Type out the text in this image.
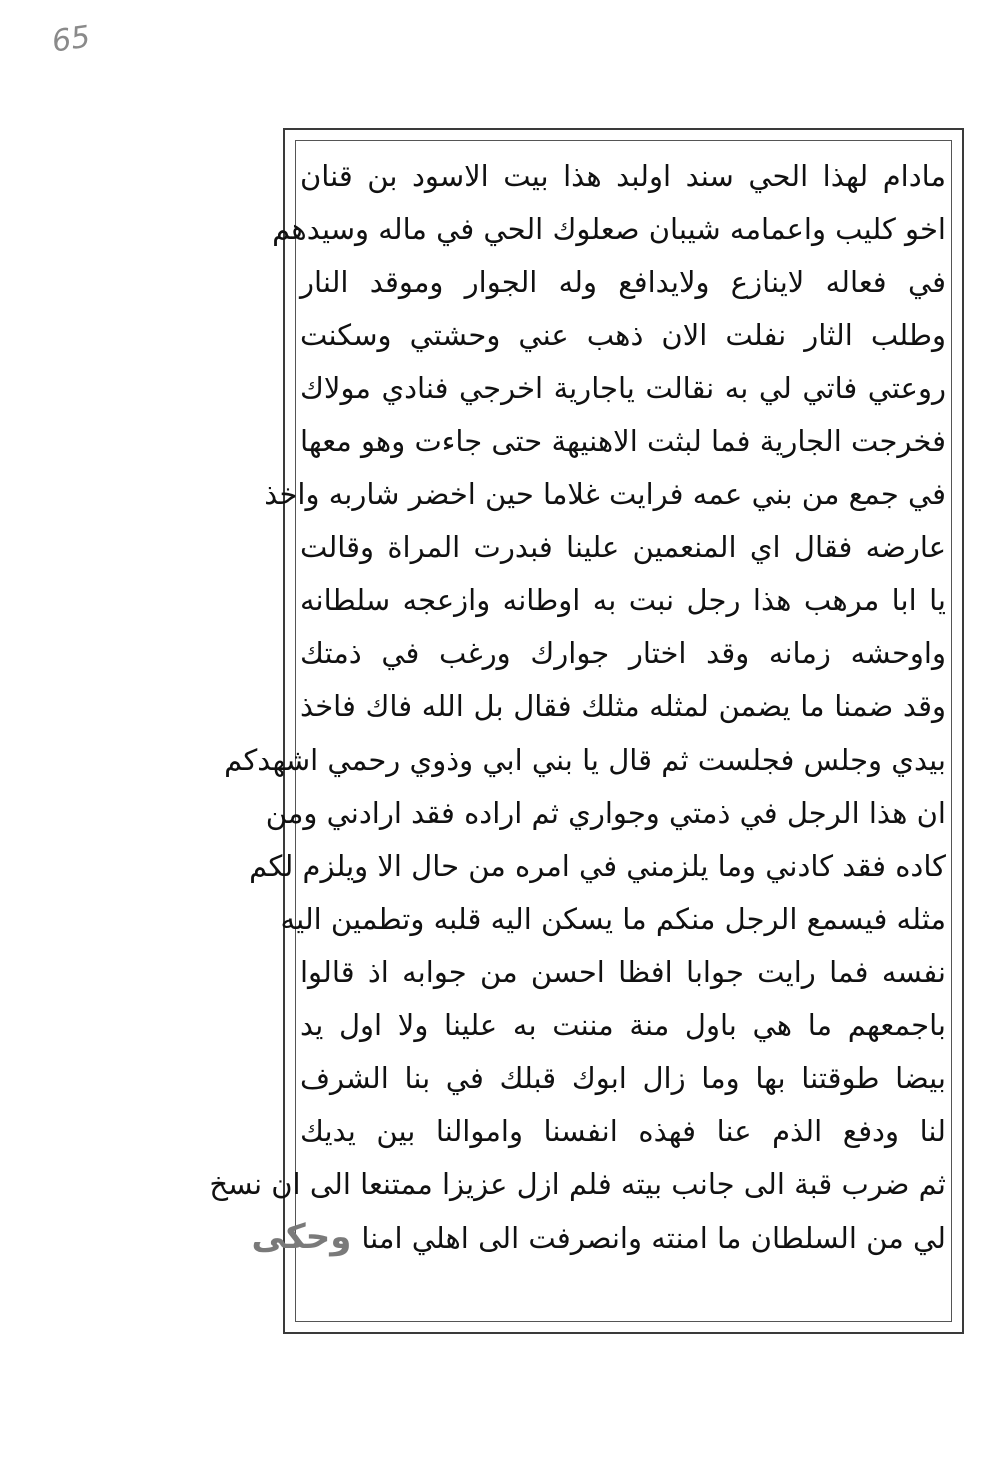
65
مادام لهذا الحي سند اولبد هذا بيت الاسود بن قنان
اخو كليب واعمامه شيبان صعلوك الحي في ماله وسيدهم
في فعاله لاينازع ولايدافع وله الجوار وموقد النار
وطلب الثار نفلت الان ذهب عني وحشتي وسكنت
روعتي فاتي لي به نقالت ياجارية اخرجي فنادي مولاك
فخرجت الجارية فما لبثت الاهنيهة حتى جاءت وهو معها
في جمع من بني عمه فرايت غلاما حين اخضر شاربه واخذ
عارضه فقال اي المنعمين علينا فبدرت المراة وقالت
يا ابا مرهب هذا رجل نبت به اوطانه وازعجه سلطانه
واوحشه زمانه وقد اختار جوارك ورغب في ذمتك
وقد ضمنا ما يضمن لمثله مثلك فقال بل الله فاك فاخذ
بيدي وجلس فجلست ثم قال يا بني ابي وذوي رحمي اشهدكم
ان هذا الرجل في ذمتي وجواري ثم اراده فقد ارادني ومن
كاده فقد كادني وما يلزمني في امره من حال الا ويلزم لكم
مثله فيسمع الرجل منكم ما يسكن اليه قلبه وتطمين اليه
نفسه فما رايت جوابا افظا احسن من جوابه اذ قالوا
باجمعهم ما هي باول منة مننت به علينا ولا اول يد
بيضا طوقتنا بها وما زال ابوك قبلك في بنا الشرف
لنا ودفع الذم عنا فهذه انفسنا واموالنا بين يديك
ثم ضرب قبة الى جانب بيته فلم ازل عزيزا ممتنعا الى ان نسخ
لي من السلطان ما امنته وانصرفت الى اهلي امنا
وحكى
